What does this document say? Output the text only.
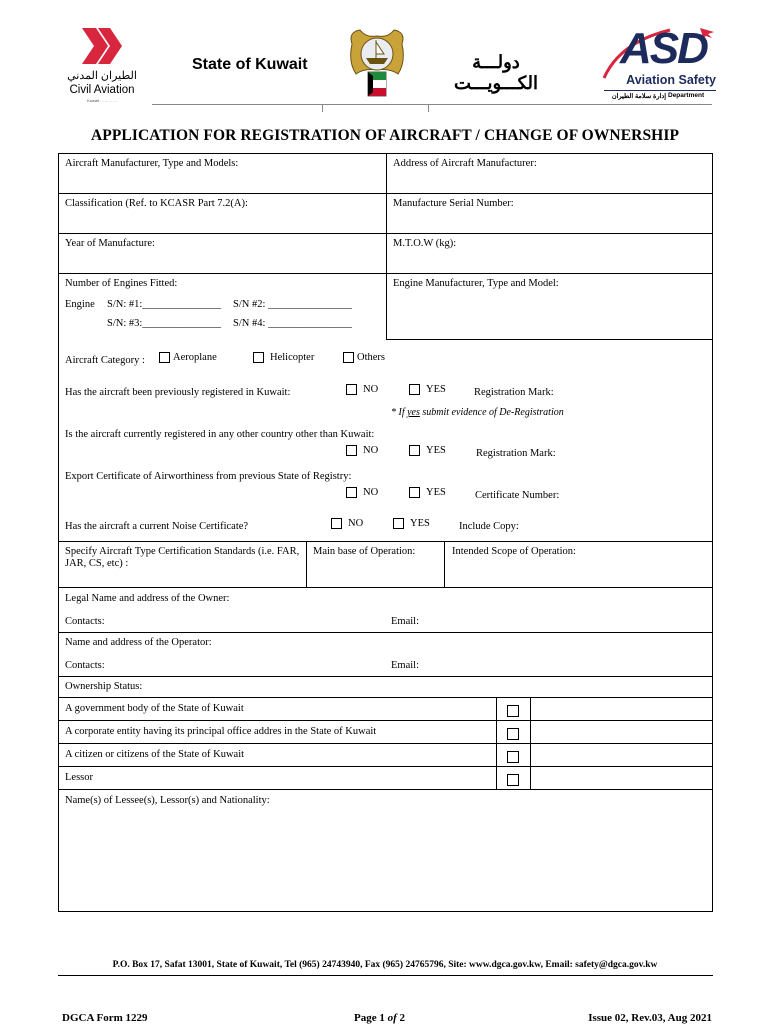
الطيران المدني
Civil Aviation
Kuwait ... ... ... ...
State of Kuwait	دولـــة الكـــويـــت
ASD
Aviation Safety
إدارة سلامة الطيران Department
APPLICATION FOR REGISTRATION OF AIRCRAFT / CHANGE OF OWNERSHIP
Aircraft Manufacturer, Type and Models:	Address of Aircraft Manufacturer:
Classification (Ref. to KCASR Part 7.2(A):	Manufacture Serial Number:
Year of Manufacture:	M.T.O.W (kg):
Number of Engines Fitted:	Engine Manufacturer, Type and Model:
Engine S/N: #1:_______________ S/N #2: ________________
S/N: #3:_______________ S/N #4: ________________
Aircraft Category :	Aeroplane	Helicopter	Others
Has the aircraft been previously registered in Kuwait:	NO	YES	Registration Mark:
* If yes submit evidence of De-Registration
Is the aircraft currently registered in any other country other than Kuwait:
NO	YES	Registration Mark:
Export Certificate of Airworthiness from previous State of Registry:
NO	YES	Certificate Number:
Has the aircraft a current Noise Certificate?	NO	YES	Include Copy:
Specify Aircraft Type Certification Standards (i.e. FAR, JAR, CS, etc) :
Main base of Operation:	Intended Scope of Operation:
Legal Name and address of the Owner:
Contacts:	Email:
Name and address of the Operator:
Contacts:	Email:
Ownership Status:
A government body of the State of Kuwait
A corporate entity having its principal office addres in the State of Kuwait
A citizen or citizens of the State of Kuwait
Lessor
Name(s) of Lessee(s), Lessor(s) and Nationality:
P.O. Box 17, Safat 13001, State of Kuwait, Tel (965) 24743940, Fax (965) 24765796, Site: www.dgca.gov.kw, Email: safety@dgca.gov.kw
DGCA Form 1229	Page 1 of 2	Issue 02, Rev.03, Aug 2021
